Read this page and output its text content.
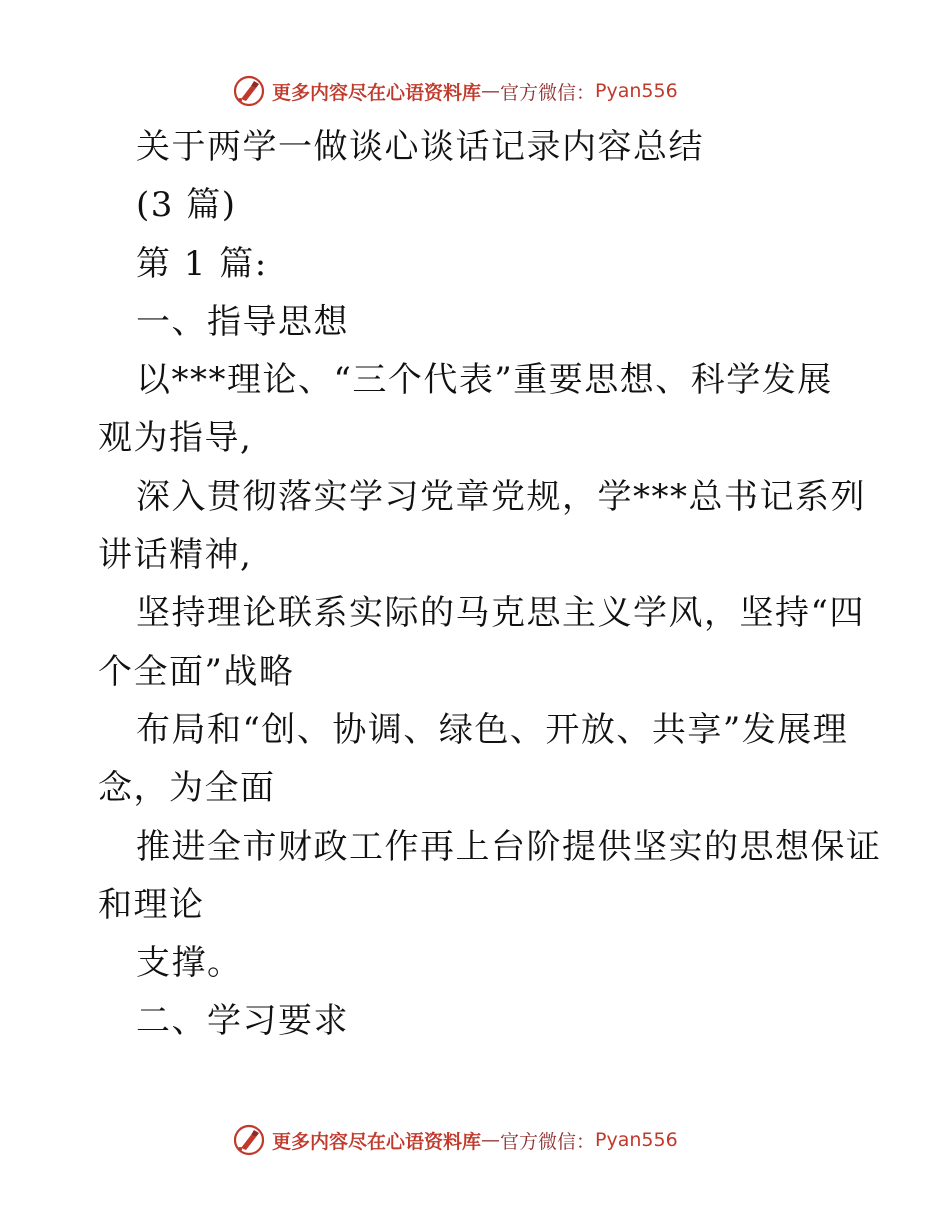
更多内容尽在心语资料库 — 官方微信： Pyan556
关于两学一做谈心谈话记录内容总结
(3 篇)
第 1 篇:
一、指导思想
以***理论、“三个代表”重要思想、科学发展
观为指导,
深入贯彻落实学习党章党规，学***总书记系列
讲话精神,
坚持理论联系实际的马克思主义学风，坚持“四
个全面”战略
布局和“创、协调、绿色、开放、共享”发展理
念，为全面
推进全市财政工作再上台阶提供坚实的思想保证
和理论
支撑。
二、学习要求
更多内容尽在心语资料库 — 官方微信： Pyan556
